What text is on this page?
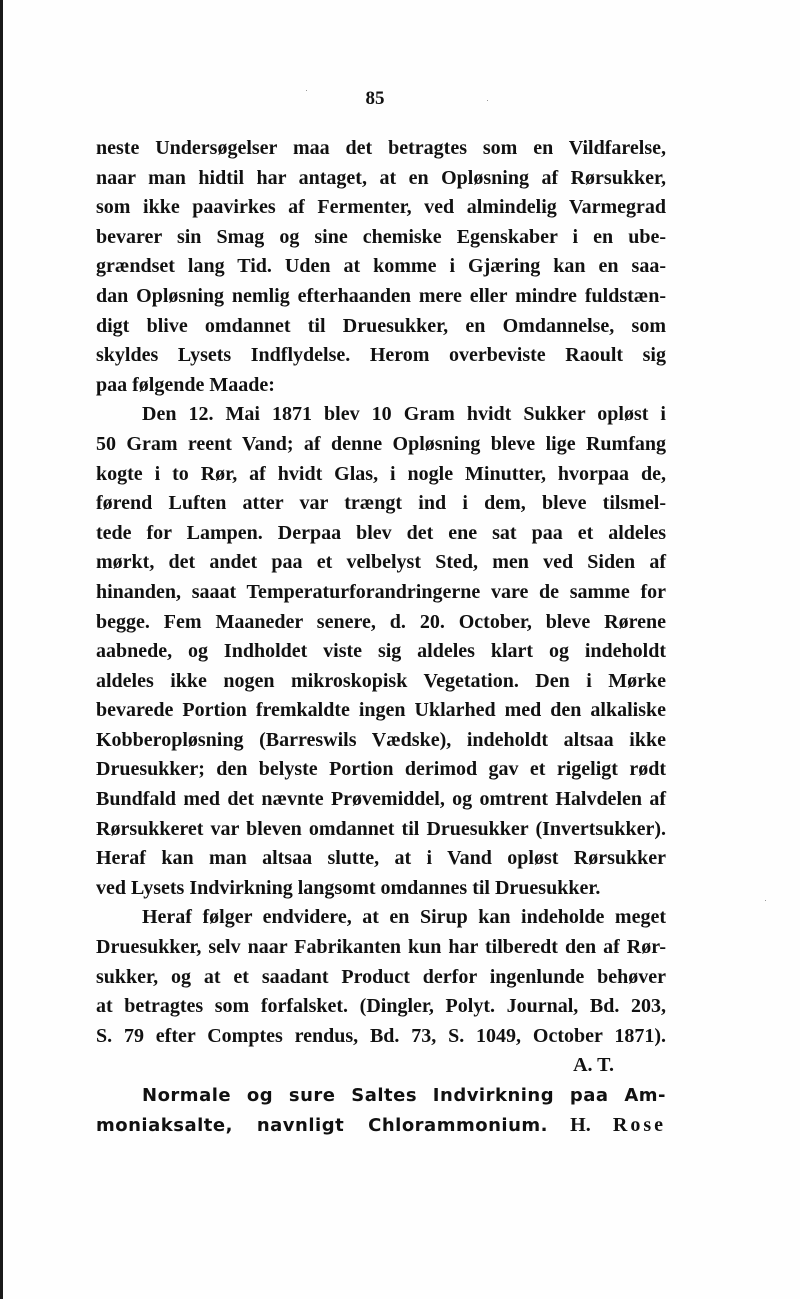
85
neste Undersøgelser maa det betragtes som en Vildfarelse,
naar man hidtil har antaget, at en Opløsning af Rørsukker,
som ikke paavirkes af Fermenter, ved almindelig Varmegrad
bevarer sin Smag og sine chemiske Egenskaber i en ube-
grændset lang Tid. Uden at komme i Gjæring kan en saa-
dan Opløsning nemlig efterhaanden mere eller mindre fuldstæn-
digt blive omdannet til Druesukker, en Omdannelse, som
skyldes Lysets Indflydelse. Herom overbeviste Raoult sig
paa følgende Maade:
Den 12. Mai 1871 blev 10 Gram hvidt Sukker opløst i
50 Gram reent Vand; af denne Opløsning bleve lige Rumfang
kogte i to Rør, af hvidt Glas, i nogle Minutter, hvorpaa de,
førend Luften atter var trængt ind i dem, bleve tilsmel-
tede for Lampen. Derpaa blev det ene sat paa et aldeles
mørkt, det andet paa et velbelyst Sted, men ved Siden af
hinanden, saaat Temperaturforandringerne vare de samme for
begge. Fem Maaneder senere, d. 20. October, bleve Rørene
aabnede, og Indholdet viste sig aldeles klart og indeholdt
aldeles ikke nogen mikroskopisk Vegetation. Den i Mørke
bevarede Portion fremkaldte ingen Uklarhed med den alkaliske
Kobberopløsning (Barreswils Vædske), indeholdt altsaa ikke
Druesukker; den belyste Portion derimod gav et rigeligt rødt
Bundfald med det nævnte Prøvemiddel, og omtrent Halvdelen af
Rørsukkeret var bleven omdannet til Druesukker (Invertsukker).
Heraf kan man altsaa slutte, at i Vand opløst Rørsukker
ved Lysets Indvirkning langsomt omdannes til Druesukker.
Heraf følger endvidere, at en Sirup kan indeholde meget
Druesukker, selv naar Fabrikanten kun har tilberedt den af Rør-
sukker, og at et saadant Product derfor ingenlunde behøver
at betragtes som forfalsket. (Dingler, Polyt. Journal, Bd. 203,
S. 79 efter Comptes rendus, Bd. 73, S. 1049, October 1871).
A. T.
Normale og sure Saltes Indvirkning paa Am-
moniaksalte, navnligt Chlorammonium. H. Rose
